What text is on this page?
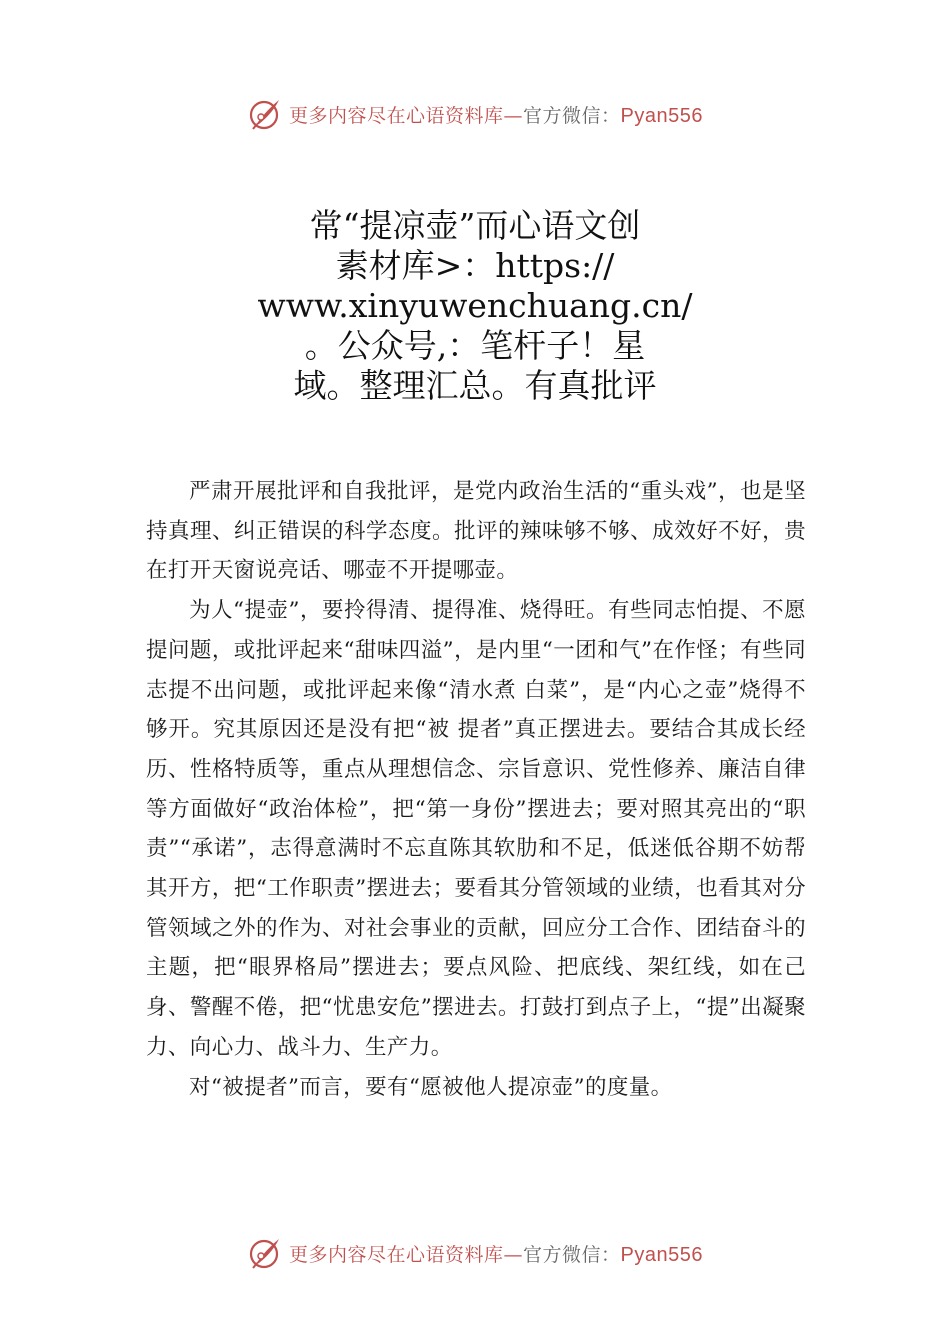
更多内容尽在心语资料库—官方微信：Pyan556
常“提凉壶”而心语文创
素材库>：https://
www.xinyuwenchuang.cn/
。公众号,：笔杆子！星
域。整理汇总。有真批评

严肃开展批评和自我批评，是党内政治生活的“重头戏”，也是坚持真理、纠正错误的科学态度。批评的辣味够不够、成效好不好，贵在打开天窗说亮话、哪壶不开提哪壶。

为人“提壶”，要拎得清、提得准、烧得旺。有些同志怕提、不愿提问题，或批评起来“甜味四溢”，是内里“一团和气”在作怪；有些同志提不出问题，或批评起来像“清水煮 白菜”，是“内心之壶”烧得不够开。究其原因还是没有把“被 提者”真正摆进去。要结合其成长经历、性格特质等，重点从理想信念、宗旨意识、党性修养、廉洁自律等方面做好“政治体检”，把“第一身份”摆进去；要对照其亮出的“职责”“承诺”，志得意满时不忘直陈其软肋和不足，低迷低谷期不妨帮其开方，把“工作职责”摆进去；要看其分管领域的业绩，也看其对分管领域之外的作为、对社会事业的贡献，回应分工合作、团结奋斗的主题，把“眼界格局”摆进去；要点风险、把底线、架红线，如在己身、警醒不倦，把“忧患安危”摆进去。打鼓打到点子上，“提”出凝聚力、向心力、战斗力、生产力。

对“被提者”而言，要有“愿被他人提凉壶”的度量。

更多内容尽在心语资料库—官方微信：Pyan556
